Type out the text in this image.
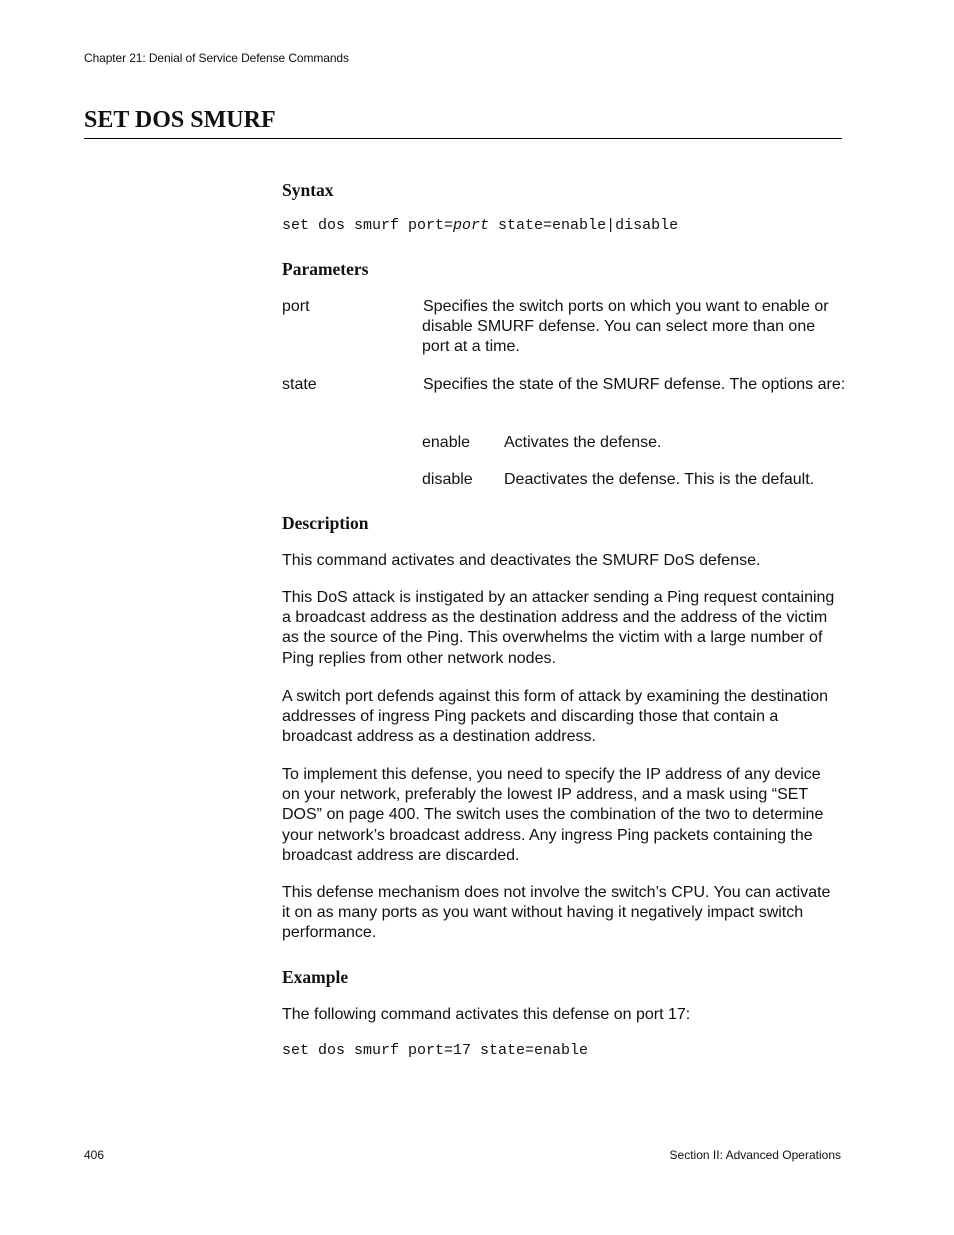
Chapter 21: Denial of Service Defense Commands
SET DOS SMURF
Syntax
set dos smurf port=port state=enable|disable
Parameters
port	Specifies the switch ports on which you want to enable or disable SMURF defense. You can select more than one port at a time.

state	Specifies the state of the SMURF defense. The options are:

enable Activates the defense.
disable Deactivates the defense. This is the default.
Description

This command activates and deactivates the SMURF DoS defense.

This DoS attack is instigated by an attacker sending a Ping request containing a broadcast address as the destination address and the address of the victim as the source of the Ping. This overwhelms the victim with a large number of Ping replies from other network nodes.

A switch port defends against this form of attack by examining the destination addresses of ingress Ping packets and discarding those that contain a broadcast address as a destination address.

To implement this defense, you need to specify the IP address of any device on your network, preferably the lowest IP address, and a mask using “SET DOS” on page 400. The switch uses the combination of the two to determine your network’s broadcast address. Any ingress Ping packets containing the broadcast address are discarded.

This defense mechanism does not involve the switch’s CPU. You can activate it on as many ports as you want without having it negatively impact switch performance.

Example

The following command activates this defense on port 17:

set dos smurf port=17 state=enable
406	Section II: Advanced Operations
